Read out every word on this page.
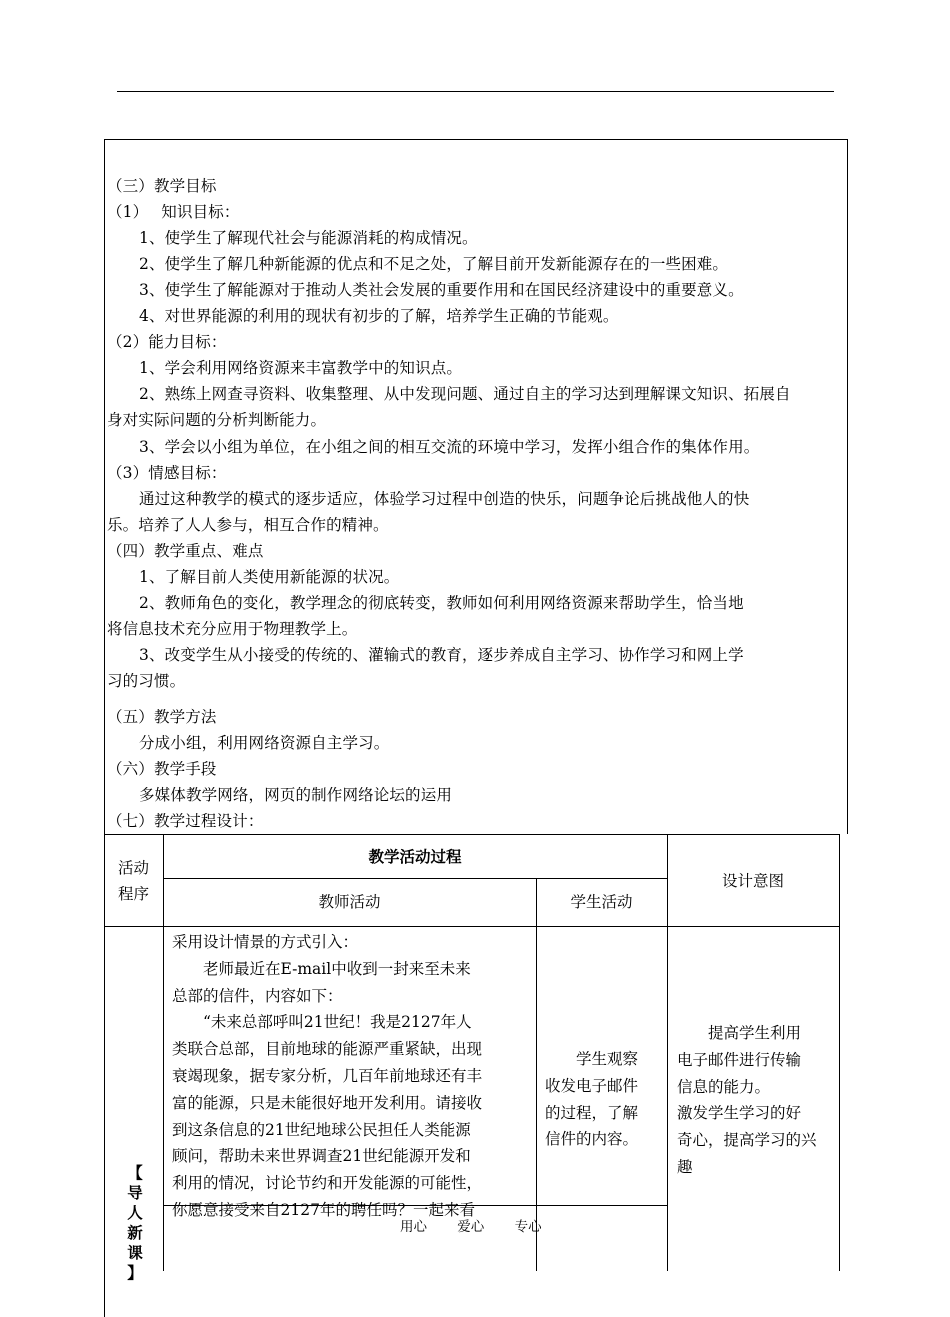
（三）教学目标
（1）　 知识目标：
1、使学生了解现代社会与能源消耗的构成情况。
2、使学生了解几种新能源的优点和不足之处，了解目前开发新能源存在的一些困难。
3、使学生了解能源对于推动人类社会发展的重要作用和在国民经济建设中的重要意义。
4、对世界能源的利用的现状有初步的了解，培养学生正确的节能观。
（2）能力目标：
1、学会利用网络资源来丰富教学中的知识点。
2、熟练上网查寻资料、收集整理、从中发现问题、通过自主的学习达到理解课文知识、拓展自
身对实际问题的分析判断能力。
3、学会以小组为单位，在小组之间的相互交流的环境中学习，发挥小组合作的集体作用。
（3）情感目标：
通过这种教学的模式的逐步适应，体验学习过程中创造的快乐，问题争论后挑战他人的快
乐。培养了人人参与，相互合作的精神。
（四）教学重点、难点
1、了解目前人类使用新能源的状况。
2、教师角色的变化，教学理念的彻底转变，教师如何利用网络资源来帮助学生，恰当地
将信息技术充分应用于物理教学上。
3、改变学生从小接受的传统的、灌输式的教育，逐步养成自主学习、协作学习和网上学
习的习惯。
（五）教学方法
分成小组，利用网络资源自主学习。
（六）教学手段
多媒体教学网络，网页的制作网络论坛的运用
（七）教学过程设计：
活动
程序
教学活动过程
教师活动	学生活动
设计意图
【
导
人
新
课
】
采用设计情景的方式引入：
　　老师最近在E-mail中收到一封来至未来
总部的信件，内容如下：
　　“未来总部呼叫21世纪！我是2127年人
类联合总部，目前地球的能源严重紧缺，出现
衰竭现象，据专家分析，几百年前地球还有丰
富的能源，只是未能很好地开发利用。请接收
到这条信息的21世纪地球公民担任人类能源
顾问，帮助未来世界调查21世纪能源开发和
利用的情况，讨论节约和开发能源的可能性，
你愿意接受来自2127年的聘任吗？一起来看
　　学生观察
收发电子邮件
的过程，了解
信件的内容。
　　提高学生利用
电子邮件进行传输
信息的能力。
激发学生学习的好
奇心，提高学习的兴
趣
用心 爱心 专心
